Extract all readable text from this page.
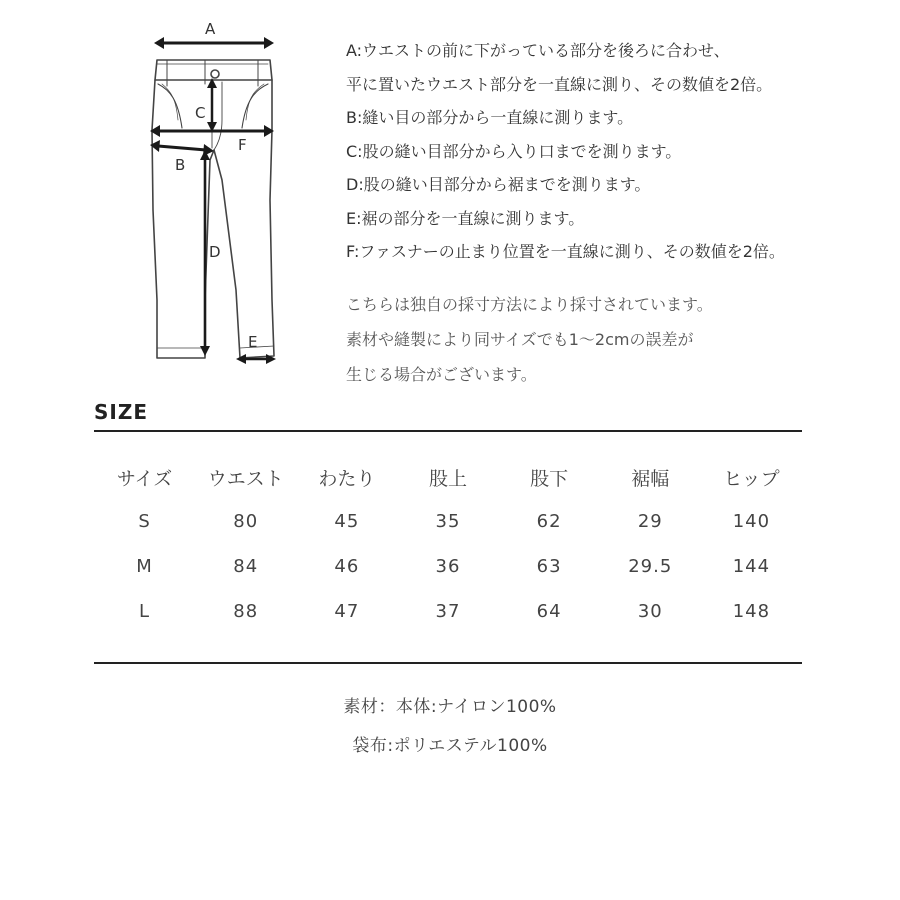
A
C
F
B
D
E
A:ウエストの前に下がっている部分を後ろに合わせ、
平に置いたウエスト部分を一直線に測り、その数値を2倍。
B:縫い目の部分から一直線に測ります。
C:股の縫い目部分から入り口までを測ります。
D:股の縫い目部分から裾までを測ります。
E:裾の部分を一直線に測ります。
F:ファスナーの止まり位置を一直線に測り、その数値を2倍。
こちらは独自の採寸方法により採寸されています。
素材や縫製により同サイズでも1～2cmの誤差が
生じる場合がございます。
SIZE
サイズ	ウエスト	わたり	股上	股下	裾幅	ヒップ
S	80	45	35	62	29	140
M	84	46	36	63	29.5	144
L	88	47	37	64	30	148
素材：本体:ナイロン100%
袋布:ポリエステル100%
